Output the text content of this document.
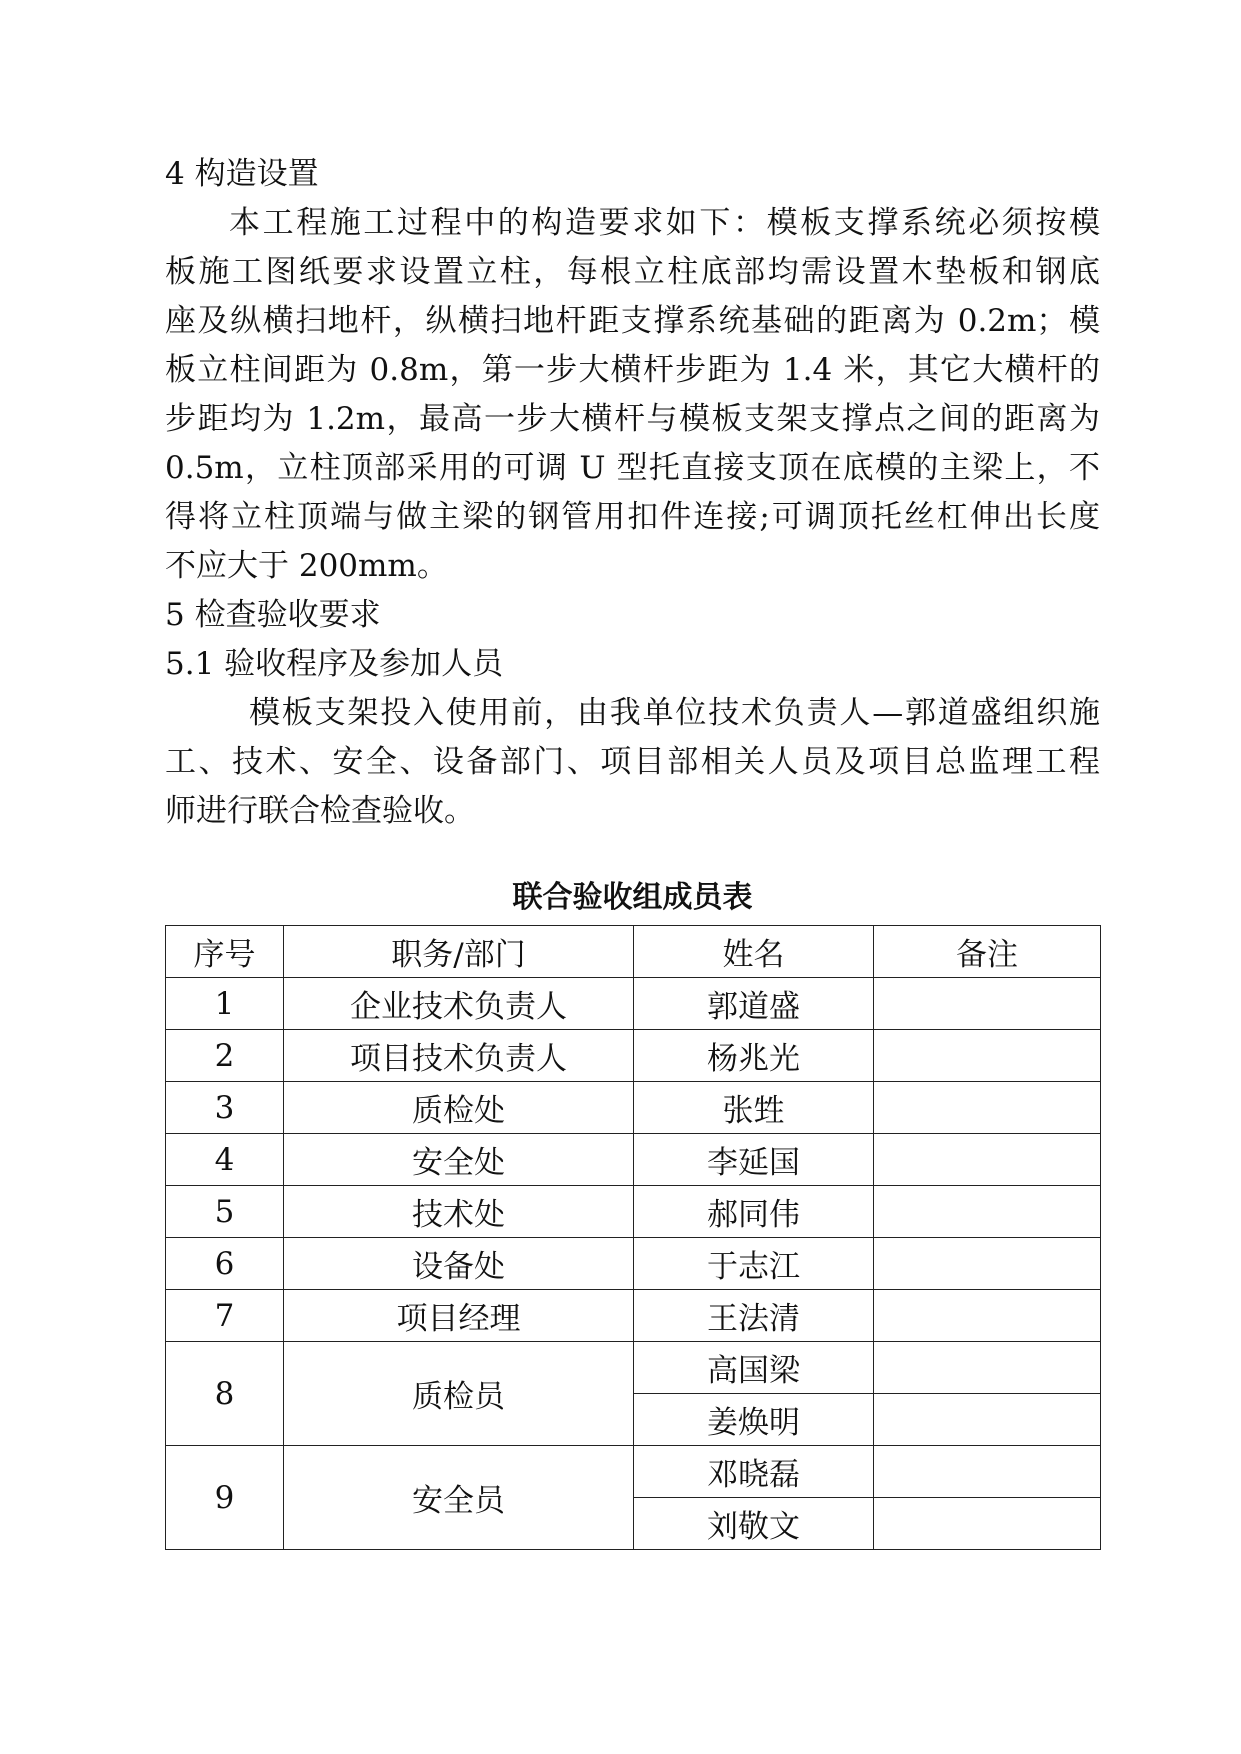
4 构造设置
本工程施工过程中的构造要求如下：模板支撑系统必须按模
板施工图纸要求设置立柱，每根立柱底部均需设置木垫板和钢底
座及纵横扫地杆，纵横扫地杆距支撑系统基础的距离为 0.2m；模
板立柱间距为 0.8m，第一步大横杆步距为 1.4 米，其它大横杆的
步距均为 1.2m，最高一步大横杆与模板支架支撑点之间的距离为
0.5m，立柱顶部采用的可调 U 型托直接支顶在底模的主梁上，不
得将立柱顶端与做主梁的钢管用扣件连接;可调顶托丝杠伸出长度
不应大于 200mm。
5 检查验收要求
5.1 验收程序及参加人员
模板支架投入使用前，由我单位技术负责人—郭道盛组织施
工、技术、安全、设备部门、项目部相关人员及项目总监理工程
师进行联合检查验收。
联合验收组成员表
序号	职务/部门	姓名	备注
1	企业技术负责人	郭道盛	
2	项目技术负责人	杨兆光	
3	质检处	张甡	
4	安全处	李延国	
5	技术处	郝同伟	
6	设备处	于志江	
7	项目经理	王法清	
8	质检员	高国梁	
		姜焕明	
9	安全员	邓晓磊	
		刘敬文	
